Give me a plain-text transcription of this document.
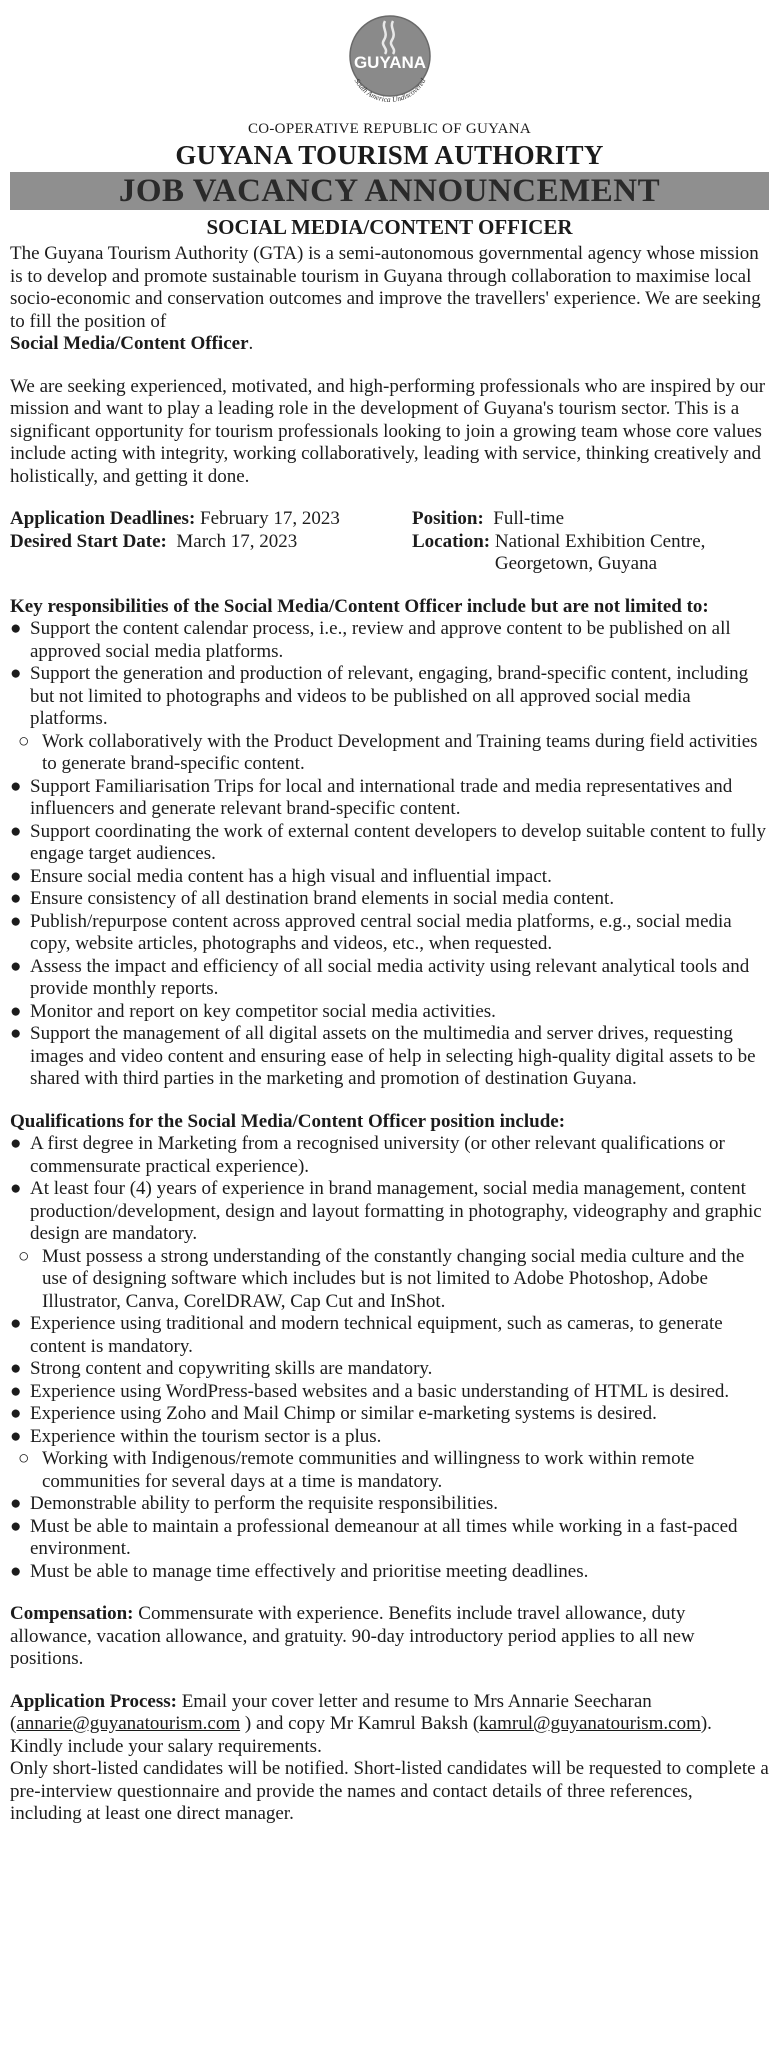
GUYANA
South America Undiscovered
CO-OPERATIVE REPUBLIC OF GUYANA
GUYANA TOURISM AUTHORITY
JOB VACANCY ANNOUNCEMENT
SOCIAL MEDIA/CONTENT OFFICER

The Guyana Tourism Authority (GTA) is a semi-autonomous governmental agency whose mission is to develop and promote sustainable tourism in Guyana through collaboration to maximise local socio-economic and conservation outcomes and improve the travellers' experience. We are seeking to fill the position of
Social Media/Content Officer.

We are seeking experienced, motivated, and high-performing professionals who are inspired by our mission and want to play a leading role in the development of Guyana's tourism sector. This is a significant opportunity for tourism professionals looking to join a growing team whose core values include acting with integrity, working collaboratively, leading with service, thinking creatively and holistically, and getting it done.

Application Deadlines: February 17, 2023
Desired Start Date: March 17, 2023
Position: Full-time
Location:
National Exhibition Centre,
Georgetown, Guyana

Key responsibilities of the Social Media/Content Officer include but are not limited to:

● Support the content calendar process, i.e., review and approve content to be published on all approved social media platforms.
● Support the generation and production of relevant, engaging, brand-specific content, including but not limited to photographs and videos to be published on all approved social media platforms.
○ Work collaboratively with the Product Development and Training teams during field activities to generate brand-specific content.
● Support Familiarisation Trips for local and international trade and media representatives and influencers and generate relevant brand-specific content.
● Support coordinating the work of external content developers to develop suitable content to fully engage target audiences.
● Ensure social media content has a high visual and influential impact.
● Ensure consistency of all destination brand elements in social media content.
● Publish/repurpose content across approved central social media platforms, e.g., social media copy, website articles, photographs and videos, etc., when requested.
● Assess the impact and efficiency of all social media activity using relevant analytical tools and provide monthly reports.
● Monitor and report on key competitor social media activities.
● Support the management of all digital assets on the multimedia and server drives, requesting images and video content and ensuring ease of help in selecting high-quality digital assets to be shared with third parties in the marketing and promotion of destination Guyana.

Qualifications for the Social Media/Content Officer position include:

● A first degree in Marketing from a recognised university (or other relevant qualifications or commensurate practical experience).
● At least four (4) years of experience in brand management, social media management, content production/development, design and layout formatting in photography, videography and graphic design are mandatory.
○ Must possess a strong understanding of the constantly changing social media culture and the use of designing software which includes but is not limited to Adobe Photoshop, Adobe Illustrator, Canva, CorelDRAW, Cap Cut and InShot.
● Experience using traditional and modern technical equipment, such as cameras, to generate content is mandatory.
● Strong content and copywriting skills are mandatory.
● Experience using WordPress-based websites and a basic understanding of HTML is desired.
● Experience using Zoho and Mail Chimp or similar e-marketing systems is desired.
● Experience within the tourism sector is a plus.
○ Working with Indigenous/remote communities and willingness to work within remote communities for several days at a time is mandatory.
● Demonstrable ability to perform the requisite responsibilities.
● Must be able to maintain a professional demeanour at all times while working in a fast-paced environment.
● Must be able to manage time effectively and prioritise meeting deadlines.

Compensation: Commensurate with experience. Benefits include travel allowance, duty allowance, vacation allowance, and gratuity. 90-day introductory period applies to all new positions.

Application Process: Email your cover letter and resume to Mrs Annarie Seecharan (annarie@guyanatourism.com ) and copy Mr Kamrul Baksh (kamrul@guyanatourism.com). Kindly include your salary requirements.
Only short-listed candidates will be notified. Short-listed candidates will be requested to complete a pre-interview questionnaire and provide the names and contact details of three references, including at least one direct manager.
